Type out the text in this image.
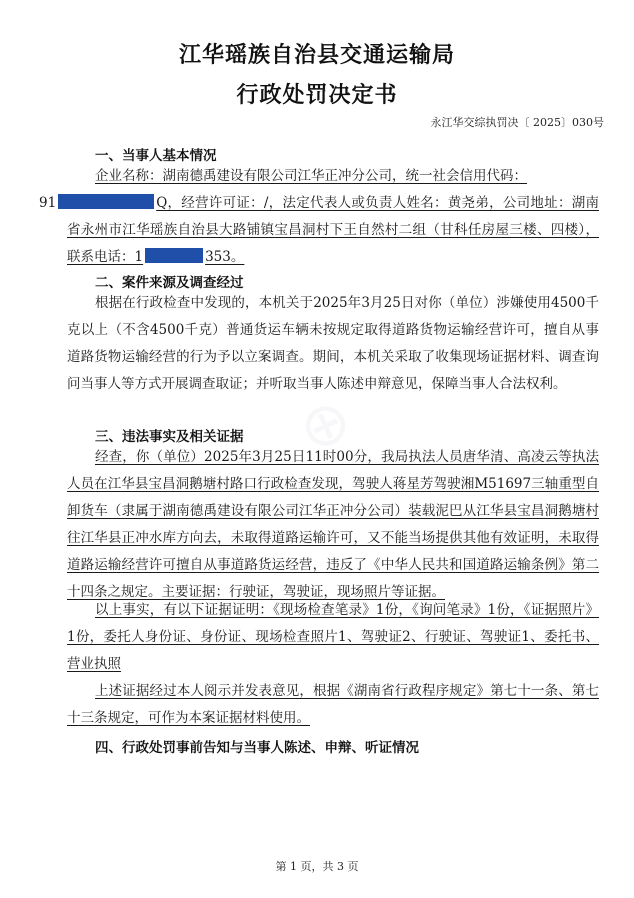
⊕
江华瑶族自治县交通运输局
行政处罚决定书
永江华交综执罚决〔 2025〕030号
一、当事人基本情况
企业名称：湖南德禹建设有限公司江华正冲分公司，统一社会信用代码：
91	Q，经营许可证：/，法定代表人或负责人姓名：黄尧弟，公司地址：湖南省永州市江华瑶族自治县大路铺镇宝昌洞村下王自然村二组（甘科任房屋三楼、四楼），联系电话：1	353。
二、案件来源及调查经过
根据在行政检查中发现的，本机关于2025年3月25日对你（单位）涉嫌使用4500千克以上（不含4500千克）普通货运车辆未按规定取得道路货物运输经营许可，擅自从事道路货物运输经营的行为予以立案调查。期间，本机关采取了收集现场证据材料、调查询问当事人等方式开展调查取证；并听取当事人陈述申辩意见，保障当事人合法权利。
三、违法事实及相关证据
经查，你（单位）2025年3月25日11时00分，我局执法人员唐华清、高凌云等执法人员在江华县宝昌洞鹅塘村路口行政检查发现，驾驶人蒋星芳驾驶湘M51697三轴重型自卸货车（隶属于湖南德禹建设有限公司江华正冲分公司）装载泥巴从江华县宝昌洞鹅塘村往江华县正冲水库方向去，未取得道路运输许可，又不能当场提供其他有效证明，未取得道路运输经营许可擅自从事道路货运经营，违反了《中华人民共和国道路运输条例》第二十四条之规定。主要证据：行驶证，驾驶证，现场照片等证据。
以上事实，有以下证据证明：《现场检查笔录》1份，《询问笔录》1份，《证据照片》1份，委托人身份证、身份证、现场检查照片1、驾驶证2、行驶证、驾驶证1、委托书、营业执照
上述证据经过本人阅示并发表意见，根据《湖南省行政程序规定》第七十一条、第七十三条规定，可作为本案证据材料使用。
四、行政处罚事前告知与当事人陈述、申辩、听证情况
第 1 页，共 3 页
